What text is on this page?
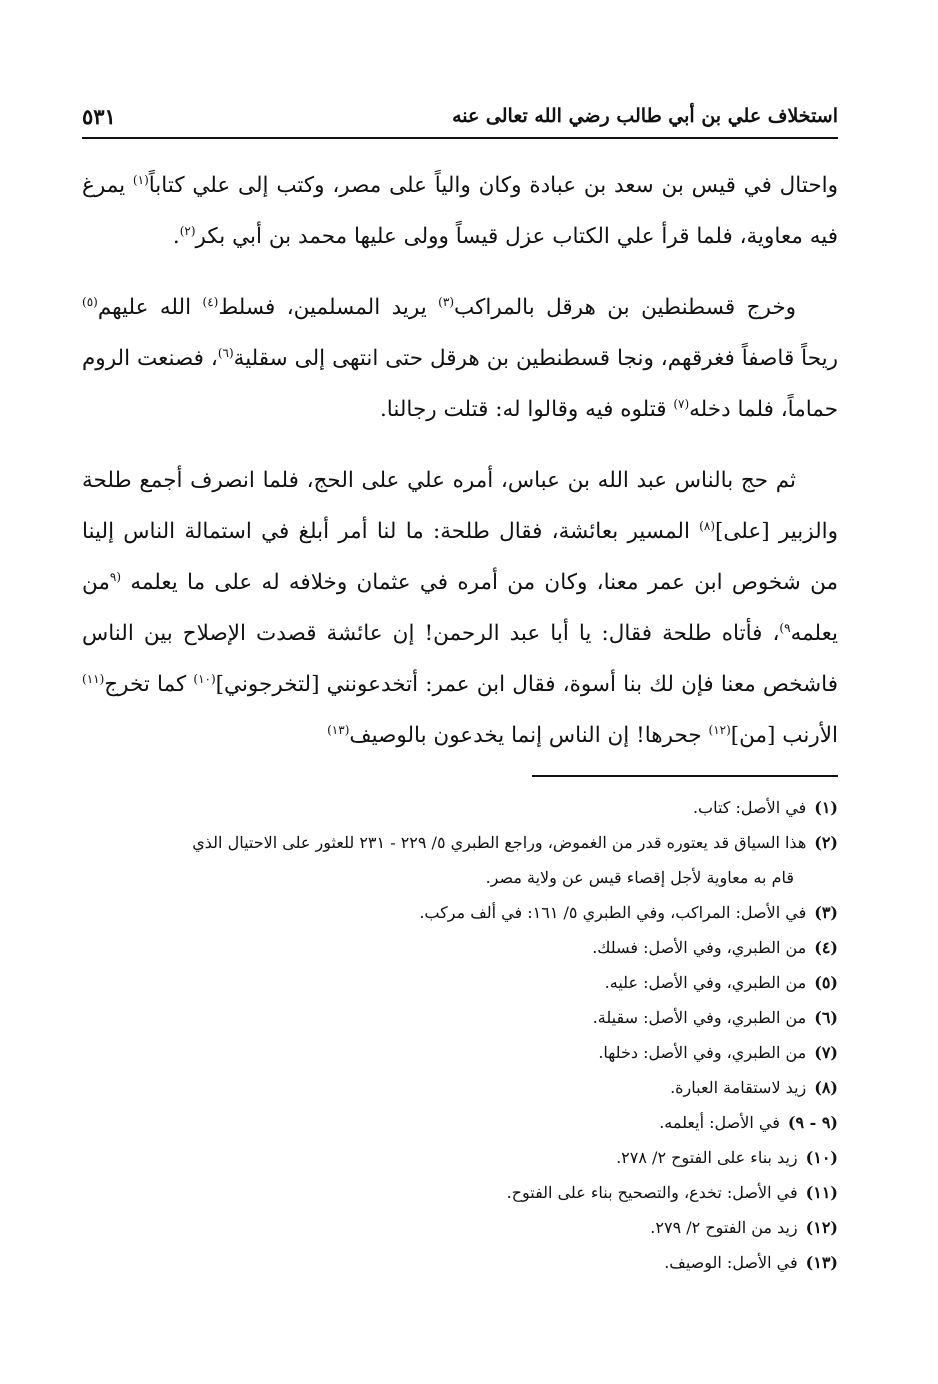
استخلاف علي بن أبي طالب رضي الله تعالى عنه
٥٣١

واحتال في قيس بن سعد بن عبادة وكان والياً على مصر، وكتب إلى علي كتاباً$^{(١)}$ يمرغ فيه معاوية، فلما قرأ علي الكتاب عزل قيساً وولى عليها محمد بن أبي بكر$^{(٢)}$.

وخرج قسطنطين بن هرقل بالمراكب$^{(٣)}$ يريد المسلمين، فسلط$^{(٤)}$ الله عليهم$^{(٥)}$ ريحاً قاصفاً فغرقهم، ونجا قسطنطين بن هرقل حتى انتهى إلى سقلية$^{(٦)}$، فصنعت الروم حماماً، فلما دخله$^{(٧)}$ قتلوه فيه وقالوا له: قتلت رجالنا.

ثم حج بالناس عبد الله بن عباس، أمره علي على الحج، فلما انصرف أجمع طلحة والزبير [على]$^{(٨)}$ المسير بعائشة، فقال طلحة: ما لنا أمر أبلغ في استمالة الناس إلينا من شخوص ابن عمر معنا، وكان من أمره في عثمان وخلافه له على ما يعلمه $^{(٩}$من يعلمه$^{٩)}$، فأتاه طلحة فقال: يا أبا عبد الرحمن! إن عائشة قصدت الإصلاح بين الناس فاشخص معنا فإن لك بنا أسوة، فقال ابن عمر: أتخدعونني [لتخرجوني]$^{(١٠)}$ كما تخرج$^{(١١)}$ الأرنب [من]$^{(١٢)}$ جحرها! إن الناس إنما يخدعون بالوصيف$^{(١٣)}$

(١)
في الأصل: كتاب.
(٢)
هذا السياق قد يعتوره قدر من الغموض، وراجع الطبري ٥/ ٢٢٩ - ٢٣١ للعثور على الاحتيال الذي
قام به معاوية لأجل إقصاء قيس عن ولاية مصر.
(٣)
في الأصل: المراكب، وفي الطبري ٥/ ١٦١: في ألف مركب.
(٤)
من الطبري، وفي الأصل: فسلك.
(٥)
من الطبري، وفي الأصل: عليه.
(٦)
من الطبري، وفي الأصل: سقيلة.
(٧)
من الطبري، وفي الأصل: دخلها.
(٨)
زيد لاستقامة العبارة.
(٩ - ٩)
في الأصل: أيعلمه.
(١٠)
زيد بناء على الفتوح ٢/ ٢٧٨.
(١١)
في الأصل: تخدع، والتصحيح بناء على الفتوح.
(١٢)
زيد من الفتوح ٢/ ٢٧٩.
(١٣)
في الأصل: الوصيف.
